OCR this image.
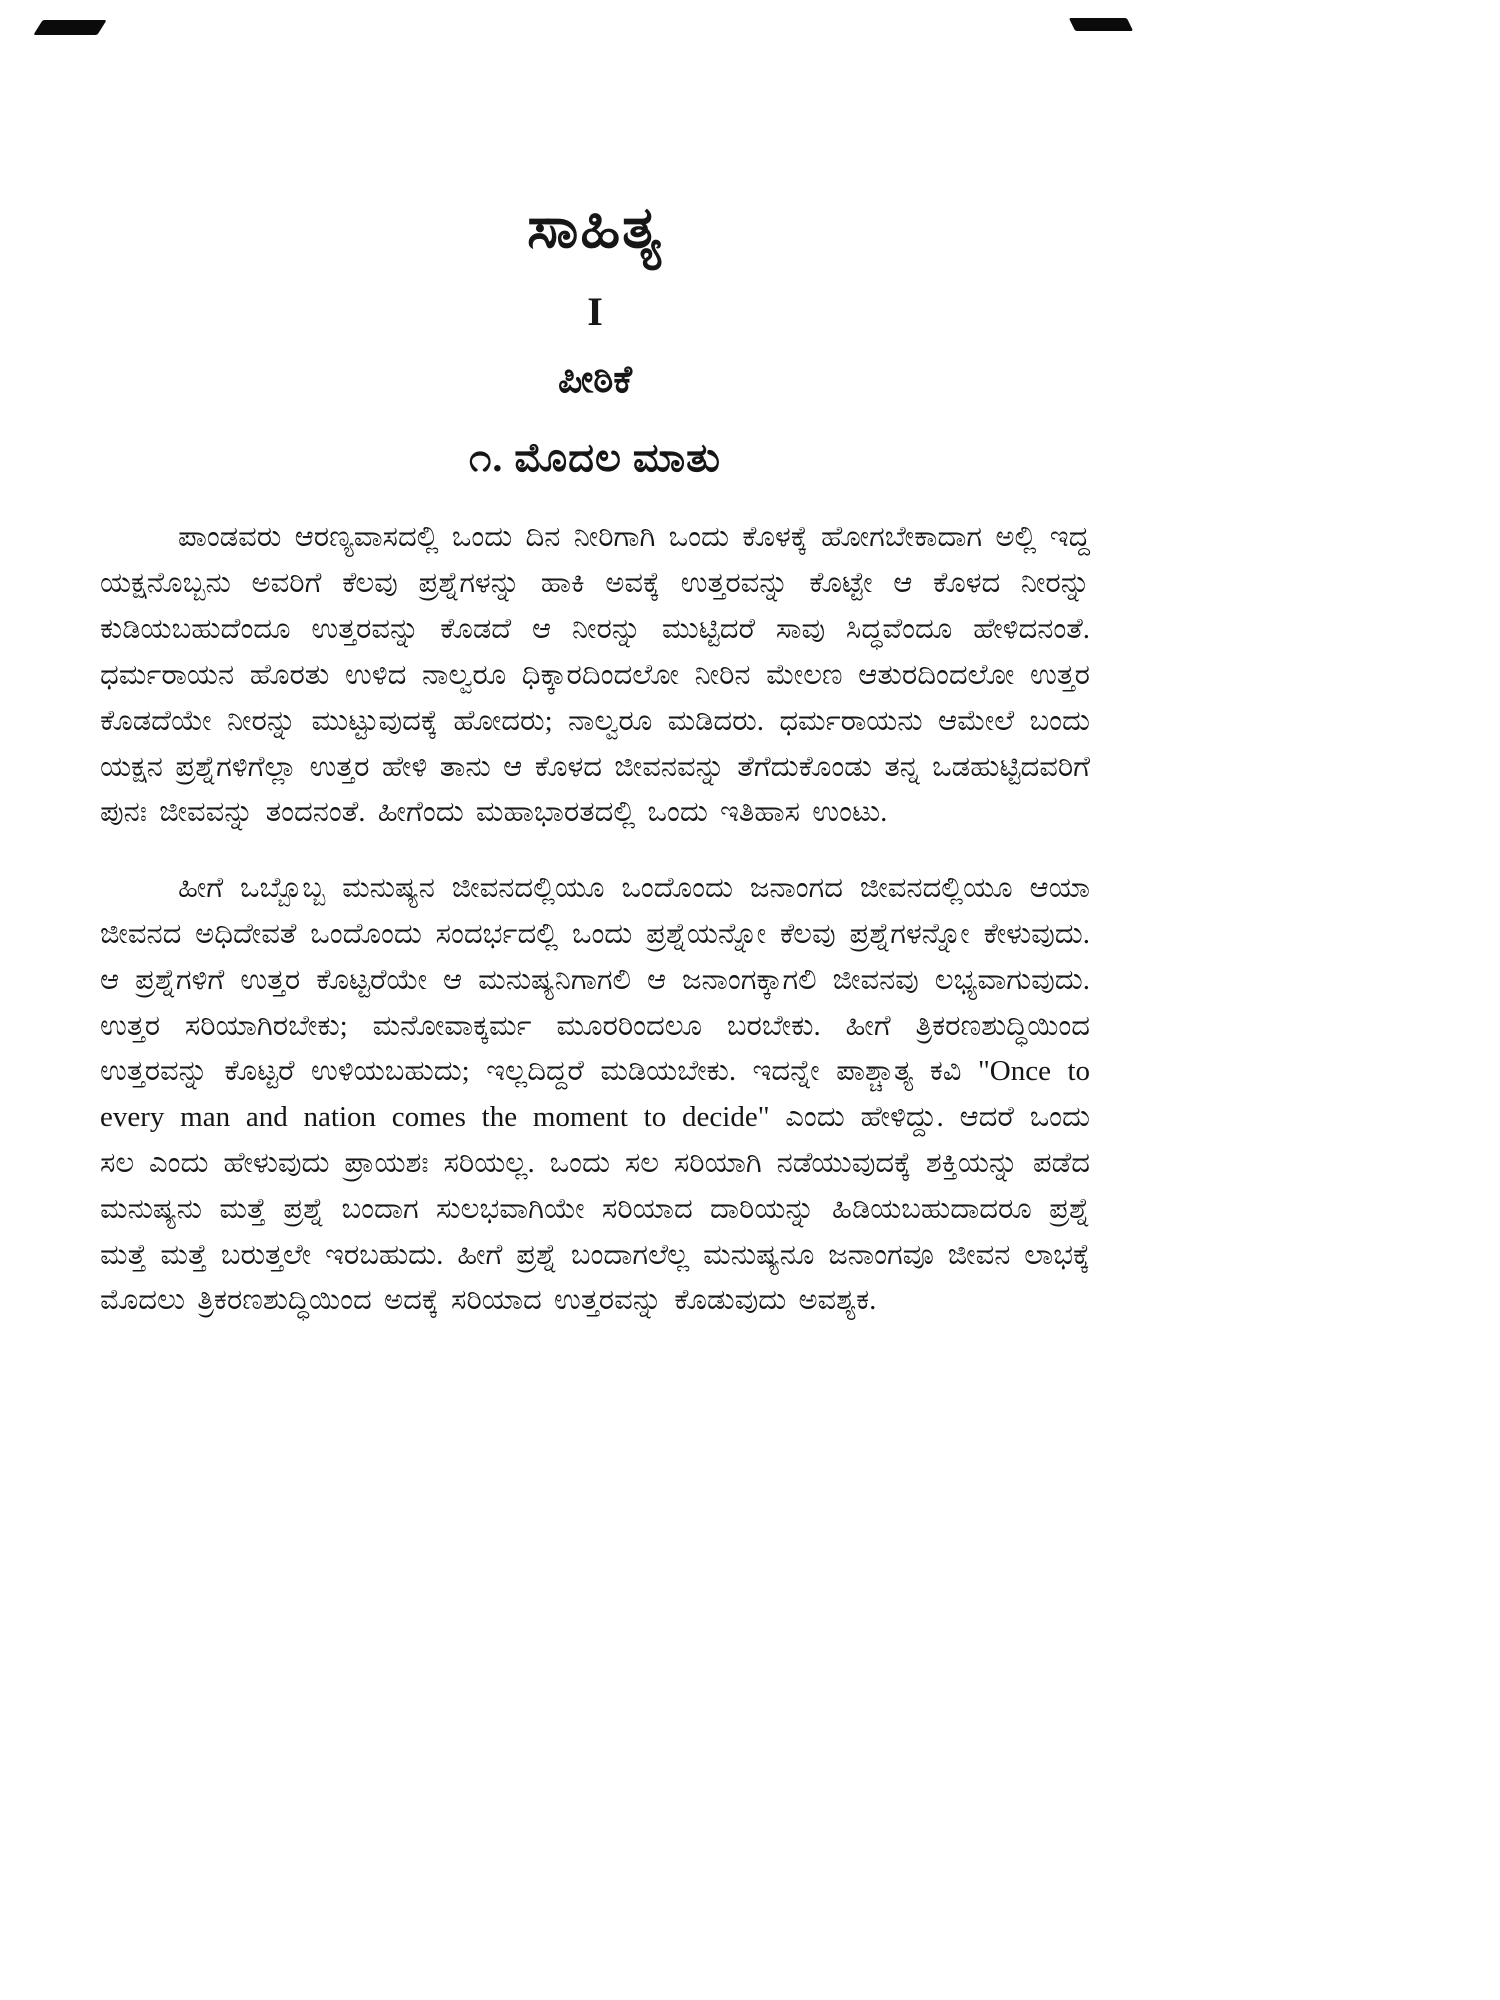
ಸಾಹಿತ್ಯ
I
ಪೀಠಿಕೆ
೧. ಮೊದಲ ಮಾತು

ಪಾಂಡವರು ಆರಣ್ಯವಾಸದಲ್ಲಿ ಒಂದು ದಿನ ನೀರಿಗಾಗಿ ಒಂದು ಕೊಳಕ್ಕೆ ಹೋಗಬೇಕಾದಾಗ ಅಲ್ಲಿ ಇದ್ದ ಯಕ್ಷನೊಬ್ಬನು ಅವರಿಗೆ ಕೆಲವು ಪ್ರಶ್ನೆಗಳನ್ನು ಹಾಕಿ ಅವಕ್ಕೆ ಉತ್ತರವನ್ನು ಕೊಟ್ಟೇ ಆ ಕೊಳದ ನೀರನ್ನು ಕುಡಿಯಬಹುದೆಂದೂ ಉತ್ತರವನ್ನು ಕೊಡದೆ ಆ ನೀರನ್ನು ಮುಟ್ಟಿದರೆ ಸಾವು ಸಿದ್ಧವೆಂದೂ ಹೇಳಿದನಂತೆ. ಧರ್ಮರಾಯನ ಹೊರತು ಉಳಿದ ನಾಲ್ವರೂ ಧಿಕ್ಕಾರದಿಂದಲೋ ನೀರಿನ ಮೇಲಣ ಆತುರದಿಂದಲೋ ಉತ್ತರ ಕೊಡದೆಯೇ ನೀರನ್ನು ಮುಟ್ಟುವುದಕ್ಕೆ ಹೋದರು; ನಾಲ್ವರೂ ಮಡಿದರು. ಧರ್ಮರಾಯನು ಆಮೇಲೆ ಬಂದು ಯಕ್ಷನ ಪ್ರಶ್ನೆಗಳಿಗೆಲ್ಲಾ ಉತ್ತರ ಹೇಳಿ ತಾನು ಆ ಕೊಳದ ಜೀವನವನ್ನು ತೆಗೆದುಕೊಂಡು ತನ್ನ ಒಡಹುಟ್ಟಿದವರಿಗೆ ಪುನಃ ಜೀವವನ್ನು ತಂದನಂತೆ. ಹೀಗೆಂದು ಮಹಾಭಾರತದಲ್ಲಿ ಒಂದು ಇತಿಹಾಸ ಉಂಟು.

ಹೀಗೆ ಒಬ್ಬೊಬ್ಬ ಮನುಷ್ಯನ ಜೀವನದಲ್ಲಿಯೂ ಒಂದೊಂದು ಜನಾಂಗದ ಜೀವನದಲ್ಲಿಯೂ ಆಯಾ ಜೀವನದ ಅಧಿದೇವತೆ ಒಂದೊಂದು ಸಂದರ್ಭದಲ್ಲಿ ಒಂದು ಪ್ರಶ್ನೆಯನ್ನೋ ಕೆಲವು ಪ್ರಶ್ನೆಗಳನ್ನೋ ಕೇಳುವುದು. ಆ ಪ್ರಶ್ನೆಗಳಿಗೆ ಉತ್ತರ ಕೊಟ್ಟರೆಯೇ ಆ ಮನುಷ್ಯನಿಗಾಗಲಿ ಆ ಜನಾಂಗಕ್ಕಾಗಲಿ ಜೀವನವು ಲಭ್ಯವಾಗುವುದು. ಉತ್ತರ ಸರಿಯಾಗಿರಬೇಕು; ಮನೋವಾಕ್ಕರ್ಮ ಮೂರರಿಂದಲೂ ಬರಬೇಕು. ಹೀಗೆ ತ್ರಿಕರಣಶುದ್ಧಿಯಿಂದ ಉತ್ತರವನ್ನು ಕೊಟ್ಟರೆ ಉಳಿಯಬಹುದು; ಇಲ್ಲದಿದ್ದರೆ ಮಡಿಯಬೇಕು. ಇದನ್ನೇ ಪಾಶ್ಚಾತ್ಯ ಕವಿ "Once to every man and nation comes the moment to decide" ಎಂದು ಹೇಳಿದ್ದು. ಆದರೆ ಒಂದು ಸಲ ಎಂದು ಹೇಳುವುದು ಪ್ರಾಯಶಃ ಸರಿಯಲ್ಲ. ಒಂದು ಸಲ ಸರಿಯಾಗಿ ನಡೆಯುವುದಕ್ಕೆ ಶಕ್ತಿಯನ್ನು ಪಡೆದ ಮನುಷ್ಯನು ಮತ್ತೆ ಪ್ರಶ್ನೆ ಬಂದಾಗ ಸುಲಭವಾಗಿಯೇ ಸರಿಯಾದ ದಾರಿಯನ್ನು ಹಿಡಿಯಬಹುದಾದರೂ ಪ್ರಶ್ನೆ ಮತ್ತೆ ಮತ್ತೆ ಬರುತ್ತಲೇ ಇರಬಹುದು. ಹೀಗೆ ಪ್ರಶ್ನೆ ಬಂದಾಗಲೆಲ್ಲ ಮನುಷ್ಯನೂ ಜನಾಂಗವೂ ಜೀವನ ಲಾಭಕ್ಕೆ ಮೊದಲು ತ್ರಿಕರಣಶುದ್ಧಿಯಿಂದ ಅದಕ್ಕೆ ಸರಿಯಾದ ಉತ್ತರವನ್ನು ಕೊಡುವುದು ಅವಶ್ಯಕ.
